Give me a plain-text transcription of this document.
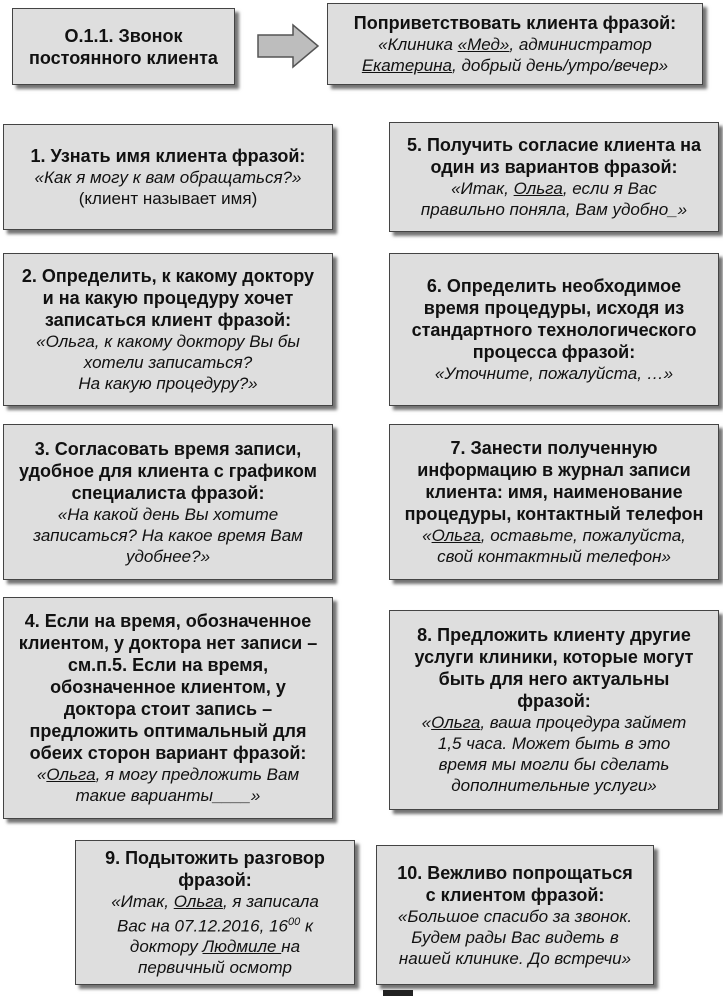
О.1.1. Звонок
постоянного клиента
Поприветствовать клиента фразой:
«Клиника «Мед», администратор
Екатерина, добрый день/утро/вечер»
1. Узнать имя клиента фразой:
«Как я могу к вам обращаться?»
(клиент называет имя)
2. Определить, к какому доктору
и на какую процедуру хочет
записаться клиент фразой:
«Ольга, к какому доктору Вы бы
хотели записаться?
На какую процедуру?»
3. Согласовать время записи,
удобное для клиента с графиком
специалиста фразой:
«На какой день Вы хотите
записаться? На какое время Вам
удобнее?»
4. Если на время, обозначенное
клиентом, у доктора нет записи –
см.п.5. Если на время,
обозначенное клиентом, у
доктора стоит запись –
предложить оптимальный для
обеих сторон вариант фразой:
«Ольга, я могу предложить Вам
такие варианты____»
5. Получить согласие клиента на
один из вариантов фразой:
«Итак, Ольга, если я Вас
правильно поняла, Вам удобно_»
6. Определить необходимое
время процедуры, исходя из
стандартного технологического
процесса фразой:
«Уточните, пожалуйста, …»
7. Занести полученную
информацию в журнал записи
клиента: имя, наименование
процедуры, контактный телефон
«Ольга, оставьте, пожалуйста,
свой контактный телефон»
8. Предложить клиенту другие
услуги клиники, которые могут
быть для него актуальны
фразой:
«Ольга, ваша процедура займет
1,5 часа. Может быть в это
время мы могли бы сделать
дополнительные услуги»
9. Подытожить разговор
фразой:
«Итак, Ольга, я записала
Вас на 07.12.2016, $16^{00}$ к
доктору Людмиле на
первичный осмотр
10. Вежливо попрощаться
с клиентом фразой:
«Большое спасибо за звонок.
Будем рады Вас видеть в
нашей клинике. До встречи»
